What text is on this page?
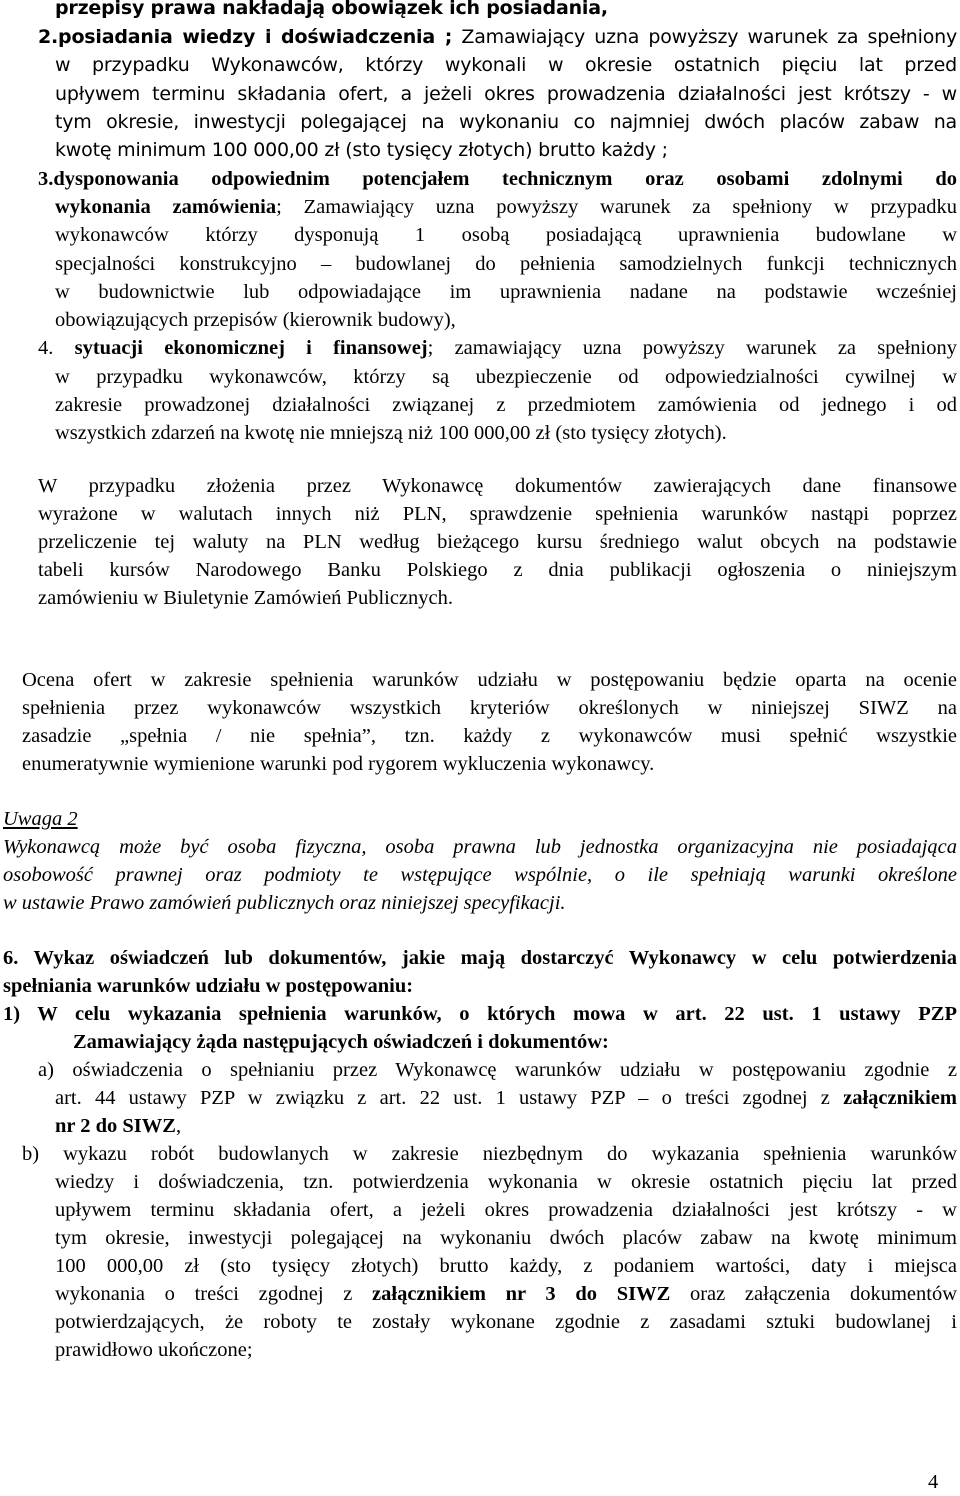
przepisy prawa nakładają obowiązek ich posiadania,
2.posiadania wiedzy i doświadczenia ; Zamawiający uzna powyższy warunek za spełniony
w przypadku Wykonawców, którzy wykonali w okresie ostatnich pięciu lat przed
upływem terminu składania ofert, a jeżeli okres prowadzenia działalności jest krótszy - w
tym okresie, inwestycji polegającej na wykonaniu co najmniej dwóch placów zabaw na
kwotę minimum 100 000,00 zł (sto tysięcy złotych) brutto każdy ;
3.dysponowania odpowiednim potencjałem technicznym oraz osobami zdolnymi do
wykonania zamówienia; Zamawiający uzna powyższy warunek za spełniony w przypadku
wykonawców którzy dysponują 1 osobą posiadającą uprawnienia budowlane w
specjalności konstrukcyjno – budowlanej do pełnienia samodzielnych funkcji technicznych
w budownictwie lub odpowiadające im uprawnienia nadane na podstawie wcześniej
obowiązujących przepisów (kierownik budowy),
4. sytuacji ekonomicznej i finansowej; zamawiający uzna powyższy warunek za spełniony
w przypadku wykonawców, którzy są ubezpieczenie od odpowiedzialności cywilnej w
zakresie prowadzonej działalności związanej z przedmiotem zamówienia od jednego i od
wszystkich zdarzeń na kwotę nie mniejszą niż 100 000,00 zł (sto tysięcy złotych).
W przypadku złożenia przez Wykonawcę dokumentów zawierających dane finansowe
wyrażone w walutach innych niż PLN, sprawdzenie spełnienia warunków nastąpi poprzez
przeliczenie tej waluty na PLN według bieżącego kursu średniego walut obcych na podstawie
tabeli kursów Narodowego Banku Polskiego z dnia publikacji ogłoszenia o niniejszym
zamówieniu w Biuletynie Zamówień Publicznych.
Ocena ofert w zakresie spełnienia warunków udziału w postępowaniu będzie oparta na ocenie
spełnienia przez wykonawców wszystkich kryteriów określonych w niniejszej SIWZ na
zasadzie „spełnia / nie spełnia”, tzn. każdy z wykonawców musi spełnić wszystkie
enumeratywnie wymienione warunki pod rygorem wykluczenia wykonawcy.
Uwaga 2
Wykonawcą może być osoba fizyczna, osoba prawna lub jednostka organizacyjna nie posiadająca
osobowość prawnej oraz podmioty te wstępujące wspólnie, o ile spełniają warunki określone
w ustawie Prawo zamówień publicznych oraz niniejszej specyfikacji.
6. Wykaz oświadczeń lub dokumentów, jakie mają dostarczyć Wykonawcy w celu potwierdzenia
spełniania warunków udziału w postępowaniu:
1) W celu wykazania spełnienia warunków, o których mowa w art. 22 ust. 1 ustawy PZP
Zamawiający żąda następujących oświadczeń i dokumentów:
a) oświadczenia o spełnianiu przez Wykonawcę warunków udziału w postępowaniu zgodnie z
art. 44 ustawy PZP w związku z art. 22 ust. 1 ustawy PZP – o treści zgodnej z załącznikiem
nr 2 do SIWZ,
b) wykazu robót budowlanych w zakresie niezbędnym do wykazania spełnienia warunków
wiedzy i doświadczenia, tzn. potwierdzenia wykonania w okresie ostatnich pięciu lat przed
upływem terminu składania ofert, a jeżeli okres prowadzenia działalności jest krótszy - w
tym okresie, inwestycji polegającej na wykonaniu dwóch placów zabaw na kwotę minimum
100 000,00 zł (sto tysięcy złotych) brutto każdy, z podaniem wartości, daty i miejsca
wykonania o treści zgodnej z załącznikiem nr 3 do SIWZ oraz załączenia dokumentów
potwierdzających, że roboty te zostały wykonane zgodnie z zasadami sztuki budowlanej i
prawidłowo ukończone;
4
